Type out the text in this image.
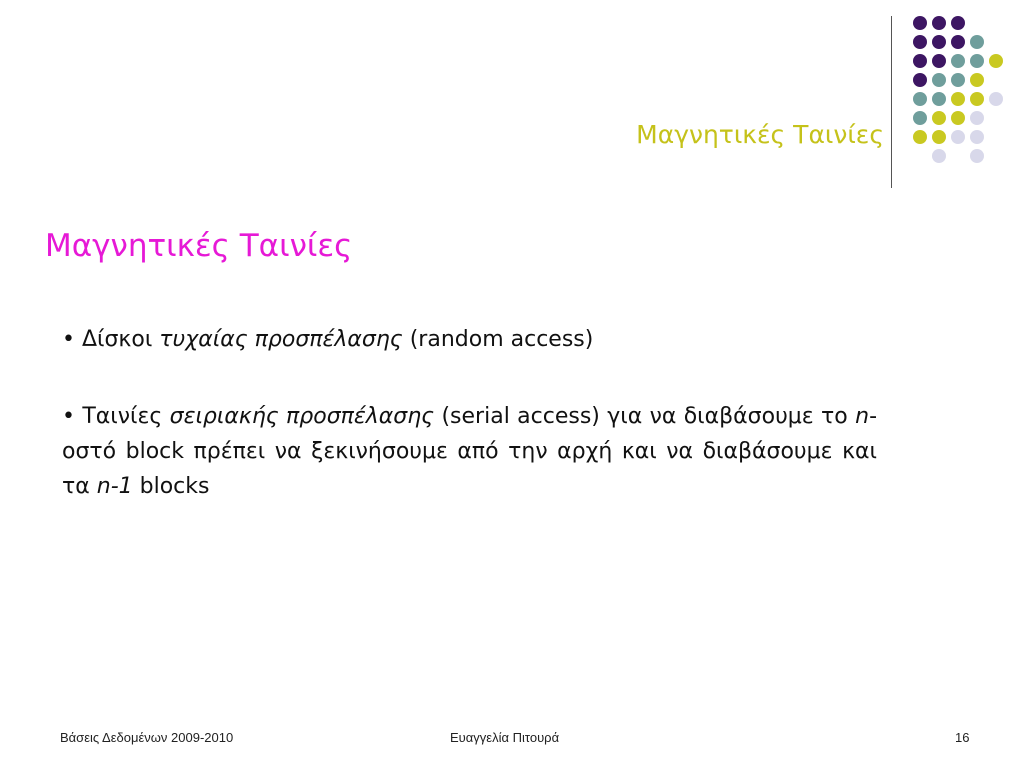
Μαγνητικές Ταινίες
Μαγνητικές Ταινίες
• Δίσκοι τυχαίας προσπέλασης (random access)
• Ταινίες σειριακής προσπέλασης (serial access) για να διαβάσουμε το n-οστό block πρέπει να ξεκινήσουμε από την αρχή και να διαβάσουμε και τα n-1 blocks
Βάσεις Δεδομένων 2009-2010	Ευαγγελία Πιτουρά	16
